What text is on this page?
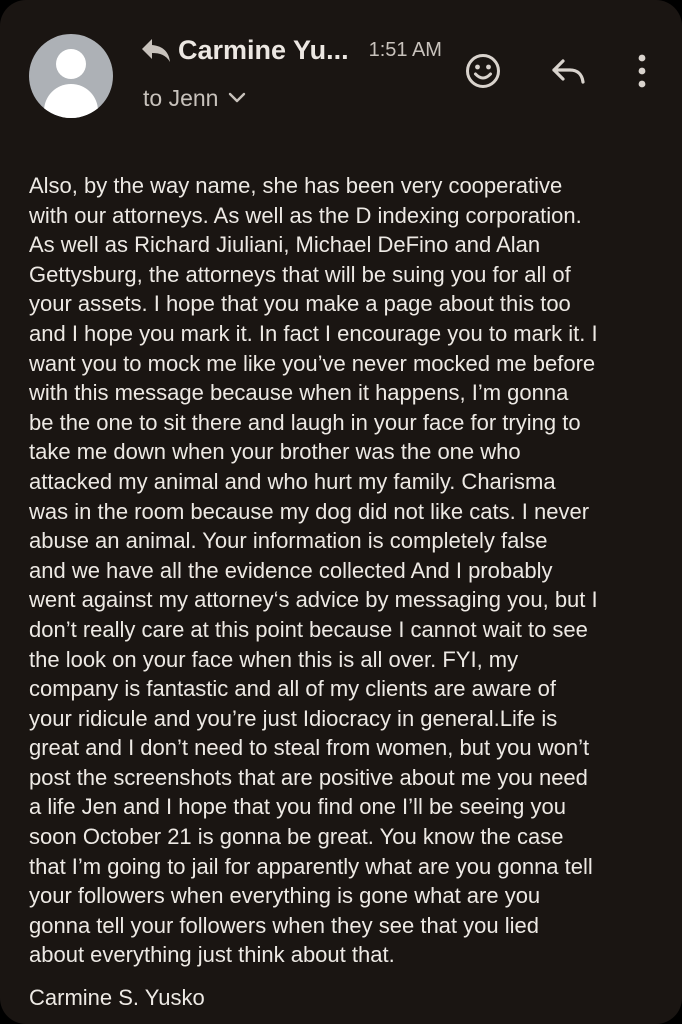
Carmine Yu... 1:51 AM
to Jenn
Also, by the way name, she has been very cooperative
with our attorneys. As well as the D indexing corporation.
As well as Richard Jiuliani, Michael DeFino and Alan
Gettysburg, the attorneys that will be suing you for all of
your assets. I hope that you make a page about this too
and I hope you mark it. In fact I encourage you to mark it. I
want you to mock me like you’ve never mocked me before
with this message because when it happens, I’m gonna
be the one to sit there and laugh in your face for trying to
take me down when your brother was the one who
attacked my animal and who hurt my family. Charisma
was in the room because my dog did not like cats. I never
abuse an animal. Your information is completely false
and we have all the evidence collected And I probably
went against my attorney‘s advice by messaging you, but I
don’t really care at this point because I cannot wait to see
the look on your face when this is all over. FYI, my
company is fantastic and all of my clients are aware of
your ridicule and you’re just Idiocracy in general.Life is
great and I don’t need to steal from women, but you won’t
post the screenshots that are positive about me you need
a life Jen and I hope that you find one I’ll be seeing you
soon October 21 is gonna be great. You know the case
that I’m going to jail for apparently what are you gonna tell
your followers when everything is gone what are you
gonna tell your followers when they see that you lied
about everything just think about that.
Carmine S. Yusko
